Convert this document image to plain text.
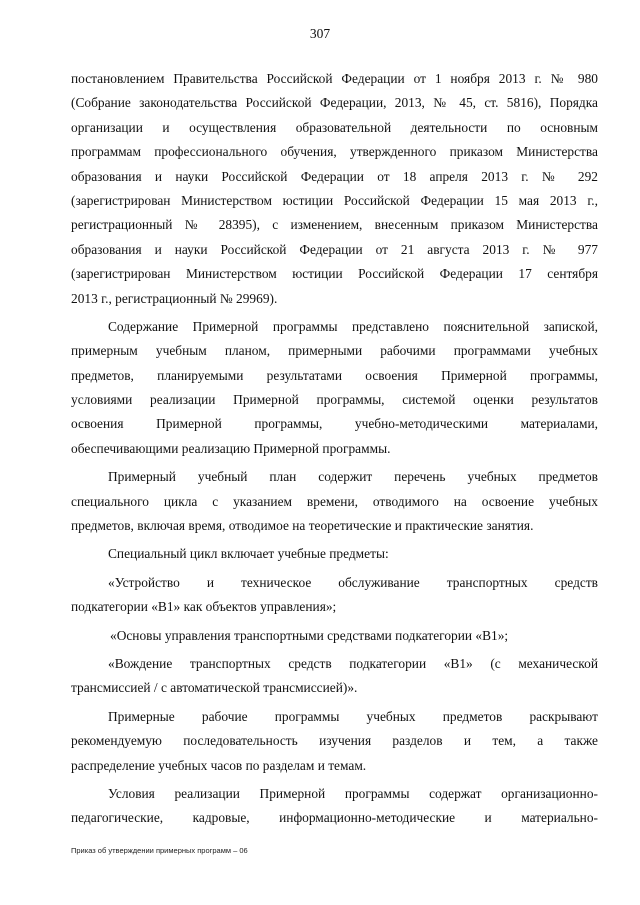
307
постановлением Правительства Российской Федерации от 1 ноября 2013 г. № 980
(Собрание законодательства Российской Федерации, 2013, № 45, ст. 5816), Порядка
организации и осуществления образовательной деятельности по основным
программам профессионального обучения, утвержденного приказом Министерства
образования и науки Российской Федерации от 18 апреля 2013 г. № 292
(зарегистрирован Министерством юстиции Российской Федерации 15 мая 2013 г.,
регистрационный № 28395), с изменением, внесенным приказом Министерства
образования и науки Российской Федерации от 21 августа 2013 г. № 977
(зарегистрирован Министерством юстиции Российской Федерации 17 сентября
2013 г., регистрационный № 29969).
Содержание Примерной программы представлено пояснительной запиской,
примерным учебным планом, примерными рабочими программами учебных
предметов, планируемыми результатами освоения Примерной программы,
условиями реализации Примерной программы, системой оценки результатов
освоения Примерной программы, учебно-методическими материалами,
обеспечивающими реализацию Примерной программы.
Примерный учебный план содержит перечень учебных предметов
специального цикла с указанием времени, отводимого на освоение учебных
предметов, включая время, отводимое на теоретические и практические занятия.
Специальный цикл включает учебные предметы:
«Устройство и техническое обслуживание транспортных средств
подкатегории «В1» как объектов управления»;
«Основы управления транспортными средствами подкатегории «В1»;
«Вождение транспортных средств подкатегории «В1» (с механической
трансмиссией / с автоматической трансмиссией)».
Примерные рабочие программы учебных предметов раскрывают
рекомендуемую последовательность изучения разделов и тем, а также
распределение учебных часов по разделам и темам.
Условия реализации Примерной программы содержат организационно-
педагогические, кадровые, информационно-методические и материально-
Приказ об утверждении примерных программ – 06
